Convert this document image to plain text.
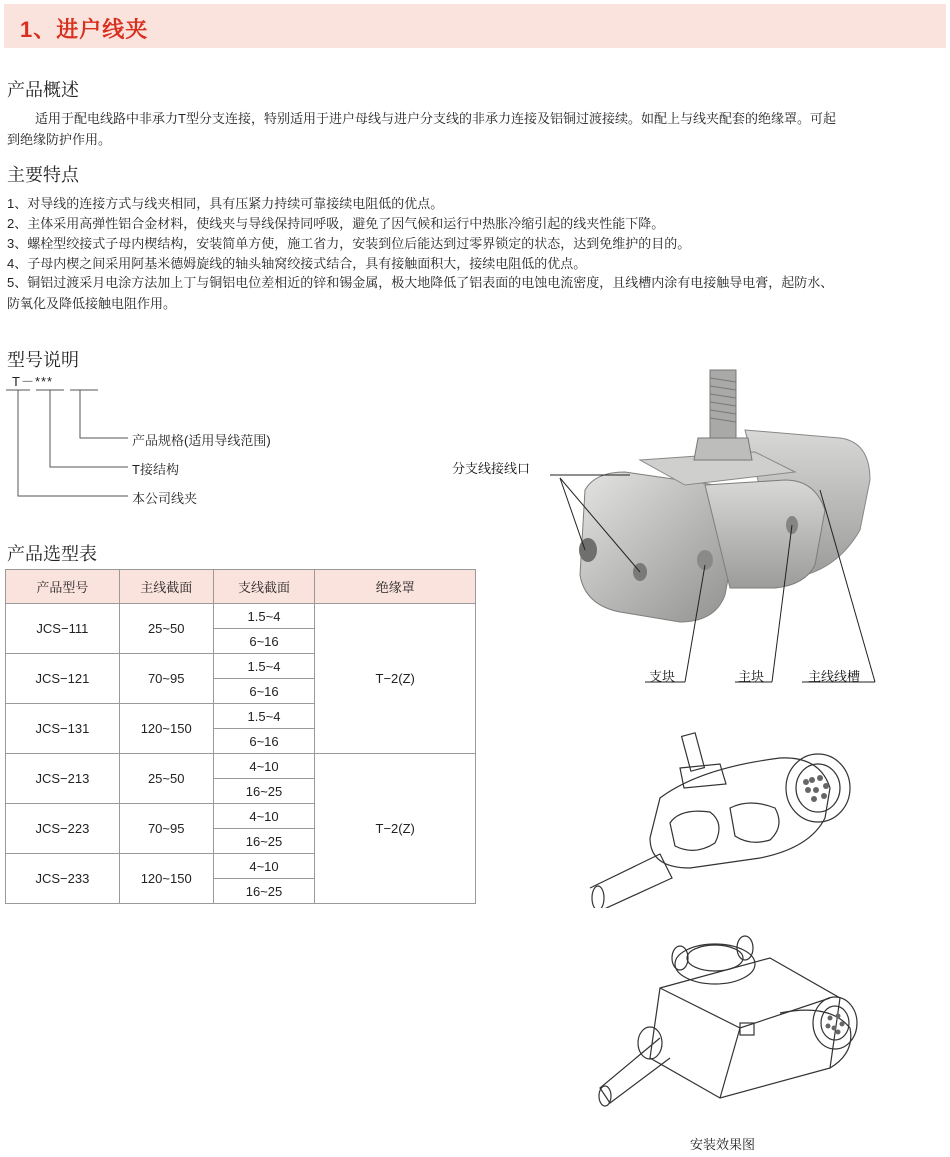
1、进户线夹
产品概述
适用于配电线路中非承力T型分支连接，特别适用于进户母线与进户分支线的非承力连接及铝铜过渡接续。如配上与线夹配套的绝缘罩。可起
到绝缘防护作用。
主要特点
1、对导线的连接方式与线夹相同，具有压紧力持续可靠接续电阻低的优点。
2、主体采用高弹性铝合金材料，使线夹与导线保持同呼吸，避免了因气候和运行中热胀冷缩引起的线夹性能下降。
3、螺栓型绞接式子母内楔结构，安装简单方使，施工省力，安装到位后能达到过零界锁定的状态，达到免维护的目的。
4、子母内楔之间采用阿基米德姆旋线的轴头轴窝绞接式结合，具有接触面积大，接续电阻低的优点。
5、铜铝过渡采月电涂方法加上丁与铜铝电位差相近的锌和锡金属，极大地降低了铝表面的电蚀电流密度，且线槽内涂有电接触导电膏，起防水、
防氧化及降低接触电阻作用。
型号说明
T－***
产品规格(适用导线范围)
T接结构
本公司线夹
产品选型表
产品型号	主线截面	支线截面	绝缘罩
JCS−111	25~50	1.5~4	T−2(Z)
		6~16	
JCS−121	70~95	1.5~4	
		6~16	
JCS−131	120~150	1.5~4	
		6~16	
JCS−213	25~50	4~10	T−2(Z)
		16~25	
JCS−223	70~95	4~10	
		16~25	
JCS−233	120~150	4~10	
		16~25	
分支线接线口
支块	主块	主线线槽
安装效果图
